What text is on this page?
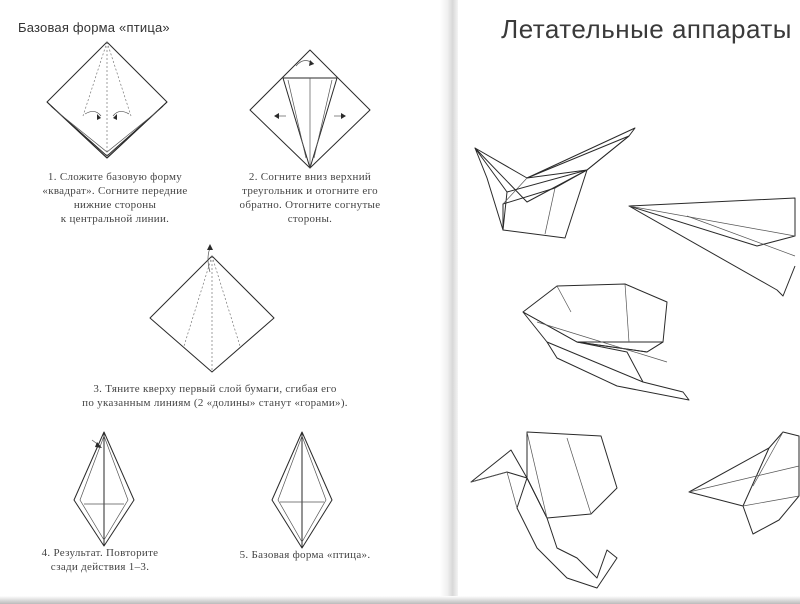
Базовая форма «птица»

1. Сложите базовую форму
«квадрат». Согните передние
нижние стороны
к центральной линии.

2. Согните вниз верхний
треугольник и отогните его
обратно. Отогните согнутые
стороны.

3. Тяните кверху первый слой бумаги, сгибая его
по указанным линиям (2 «долины» станут «горами»).

4. Результат. Повторите
сзади действия 1–3.

5. Базовая форма «птица».

Летательные аппараты
